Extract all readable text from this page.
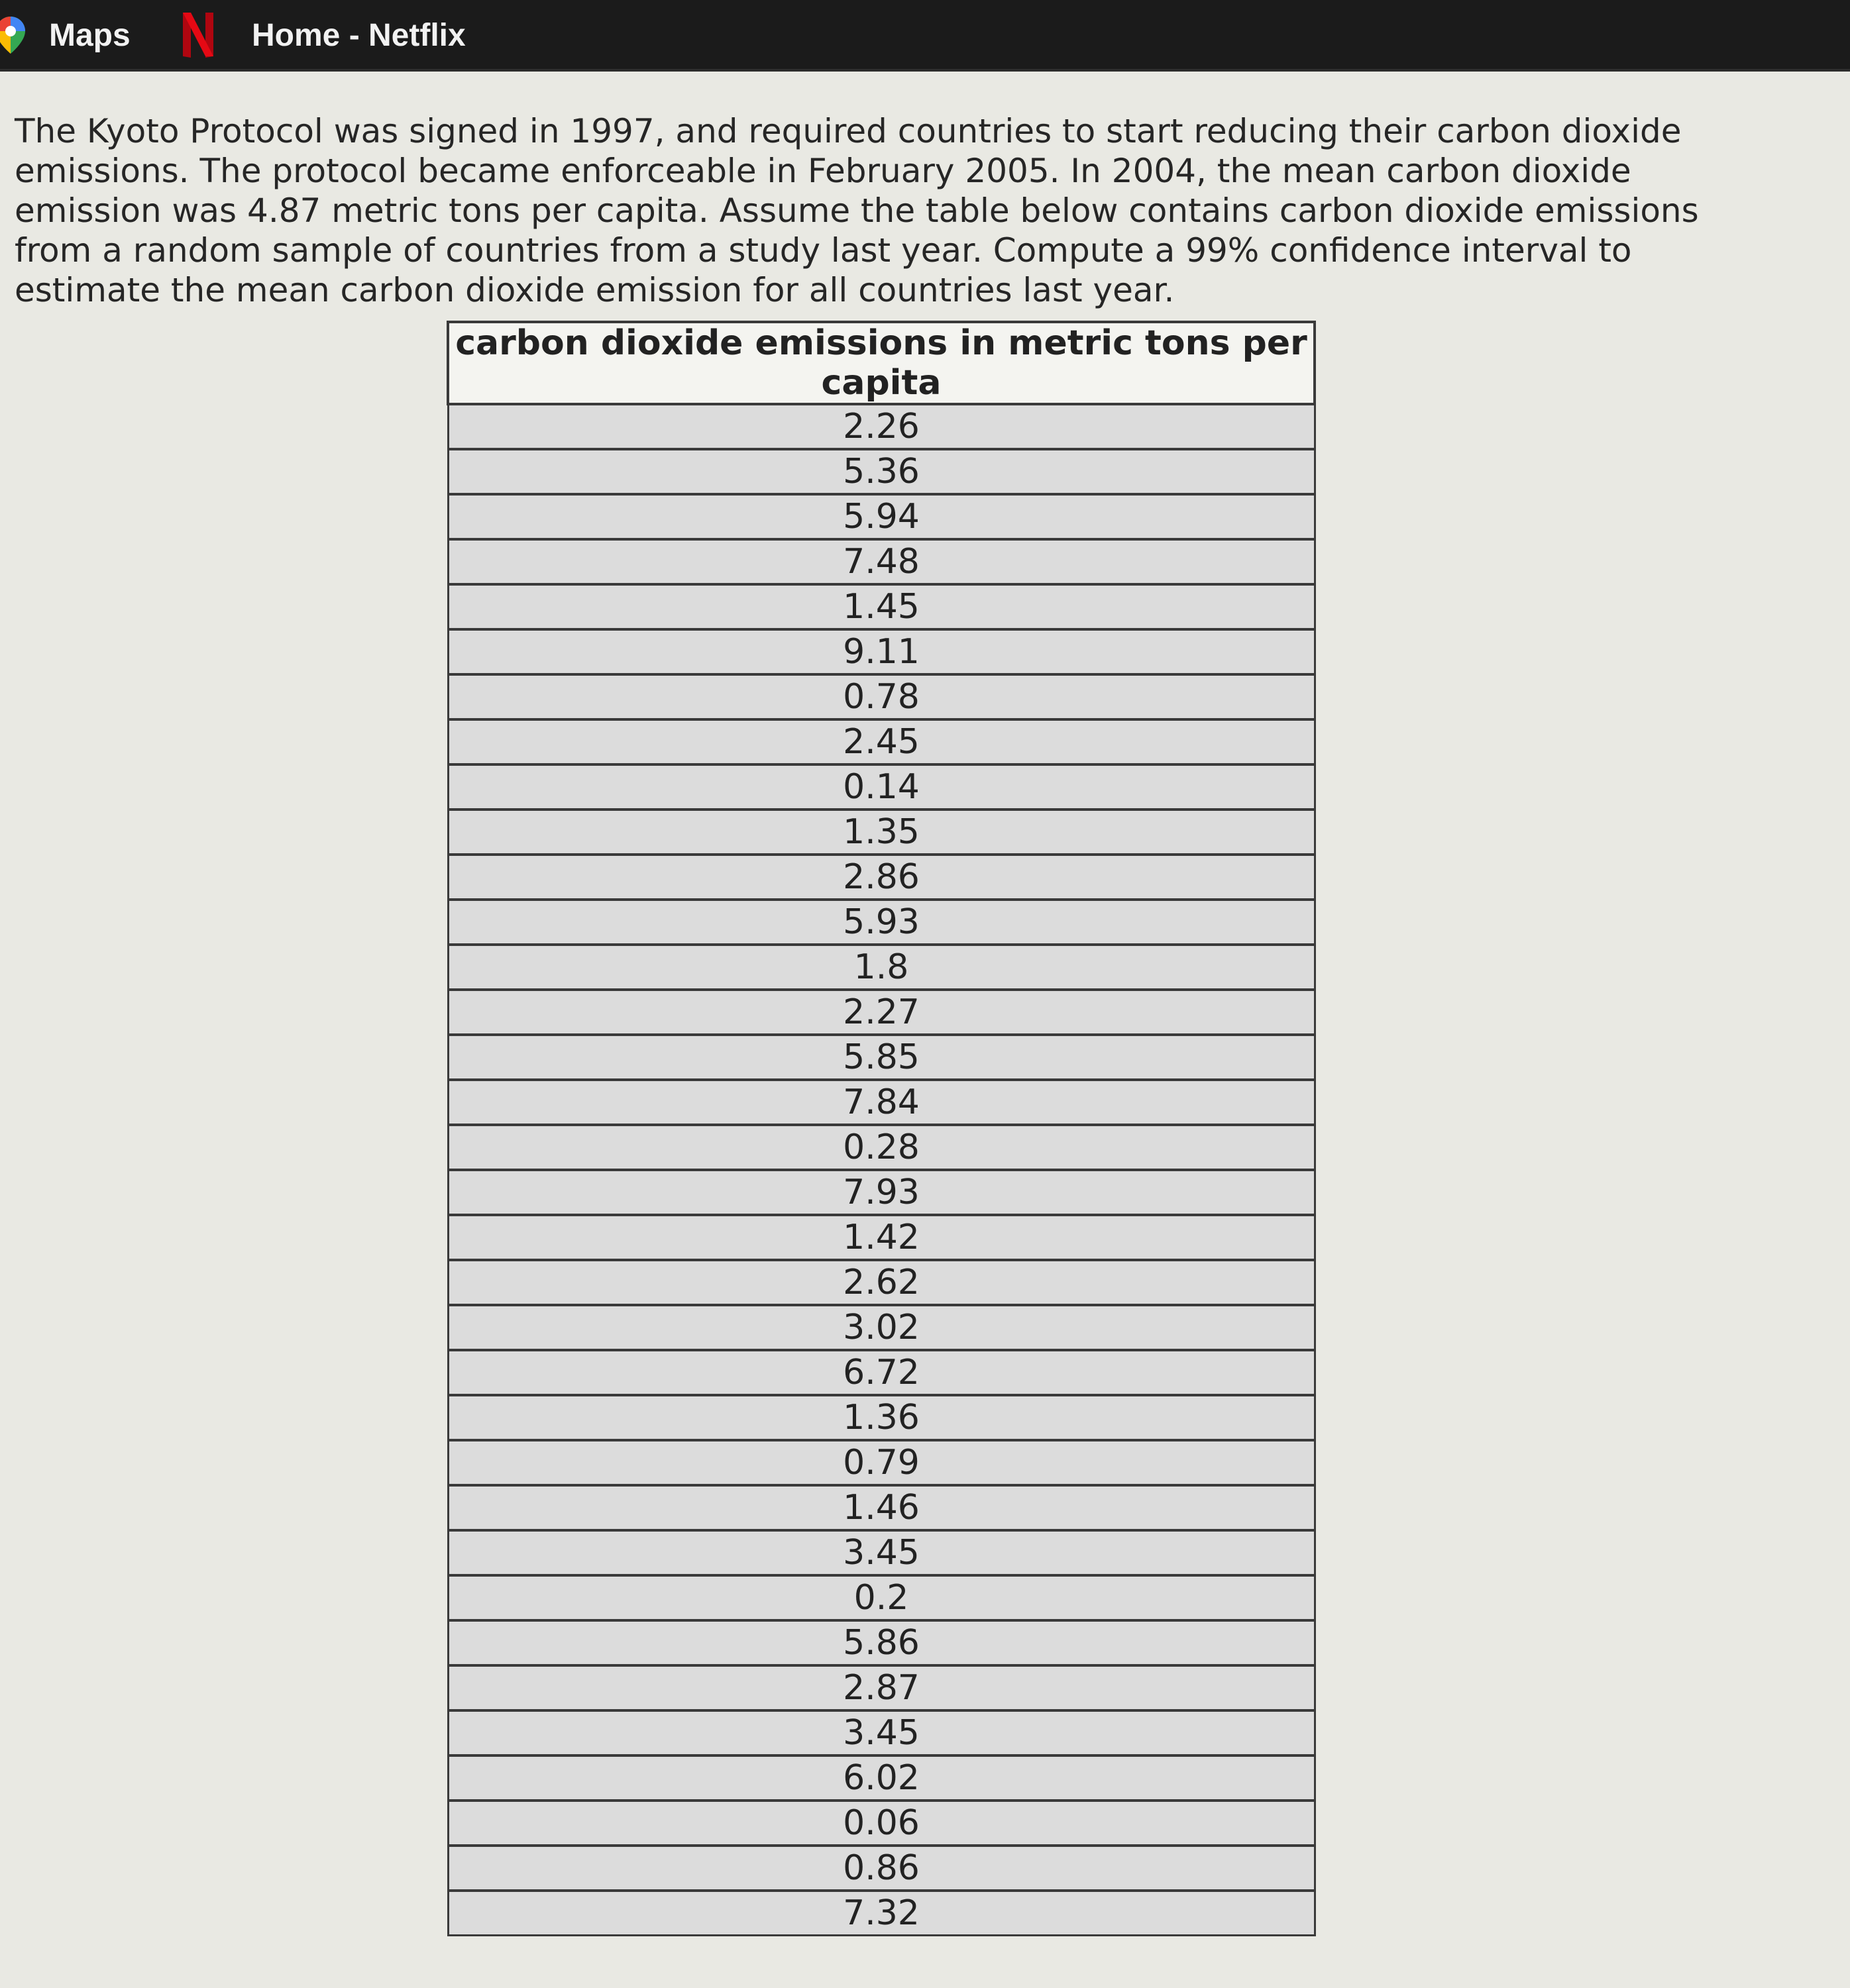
Maps	Home - Netflix

The Kyoto Protocol was signed in 1997, and required countries to start reducing their carbon dioxide emissions. The protocol became enforceable in February 2005. In 2004, the mean carbon dioxide emission was 4.87 metric tons per capita. Assume the table below contains carbon dioxide emissions from a random sample of countries from a study last year. Compute a 99% confidence interval to estimate the mean carbon dioxide emission for all countries last year.

carbon dioxide emissions in metric tons per capita
2.26
5.36
5.94
7.48
1.45
9.11
0.78
2.45
0.14
1.35
2.86
5.93
1.8
2.27
5.85
7.84
0.28
7.93
1.42
2.62
3.02
6.72
1.36
0.79
1.46
3.45
0.2
5.86
2.87
3.45
6.02
0.06
0.86
7.32
